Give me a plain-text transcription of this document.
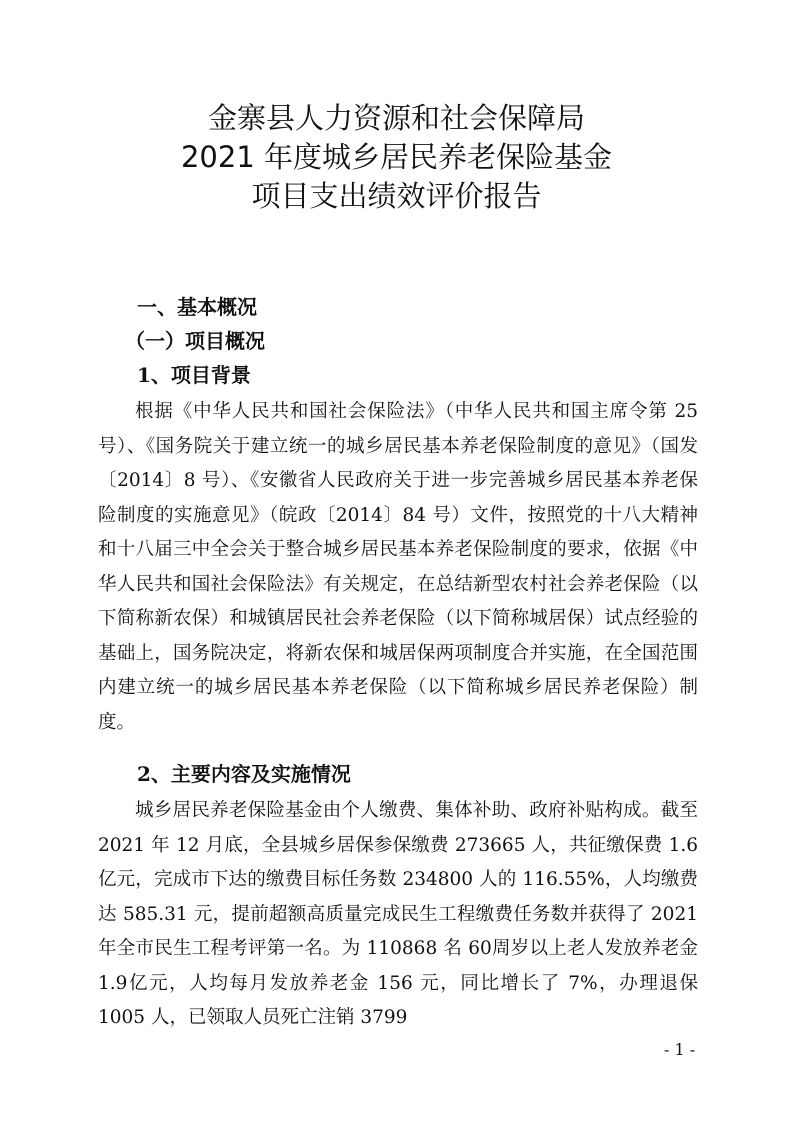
金寨县人力资源和社会保障局
2021 年度城乡居民养老保险基金
项目支出绩效评价报告
一、基本概况
（一）项目概况
1、项目背景
根据《中华人民共和国社会保险法》（中华人民共和国主席令第 25 号）、《国务院关于建立统一的城乡居民基本养老保险制度的意见》（国发〔2014〕8 号）、《安徽省人民政府关于进一步完善城乡居民基本养老保险制度的实施意见》（皖政〔2014〕84 号）文件，按照党的十八大精神和十八届三中全会关于整合城乡居民基本养老保险制度的要求，依据《中华人民共和国社会保险法》有关规定，在总结新型农村社会养老保险（以下简称新农保）和城镇居民社会养老保险（以下简称城居保）试点经验的基础上，国务院决定，将新农保和城居保两项制度合并实施，在全国范围内建立统一的城乡居民基本养老保险（以下简称城乡居民养老保险）制度。
2、主要内容及实施情况
城乡居民养老保险基金由个人缴费、集体补助、政府补贴构成。截至 2021 年 12 月底，全县城乡居保参保缴费 273665 人，共征缴保费 1.6 亿元，完成市下达的缴费目标任务数 234800 人的 116.55%，人均缴费达 585.31 元，提前超额高质量完成民生工程缴费任务数并获得了 2021 年全市民生工程考评第一名。为 110868 名 60周岁以上老人发放养老金 1.9亿元，人均每月发放养老金 156 元，同比增长了 7%，办理退保 1005 人，已领取人员死亡注销 3799
- 1 -
